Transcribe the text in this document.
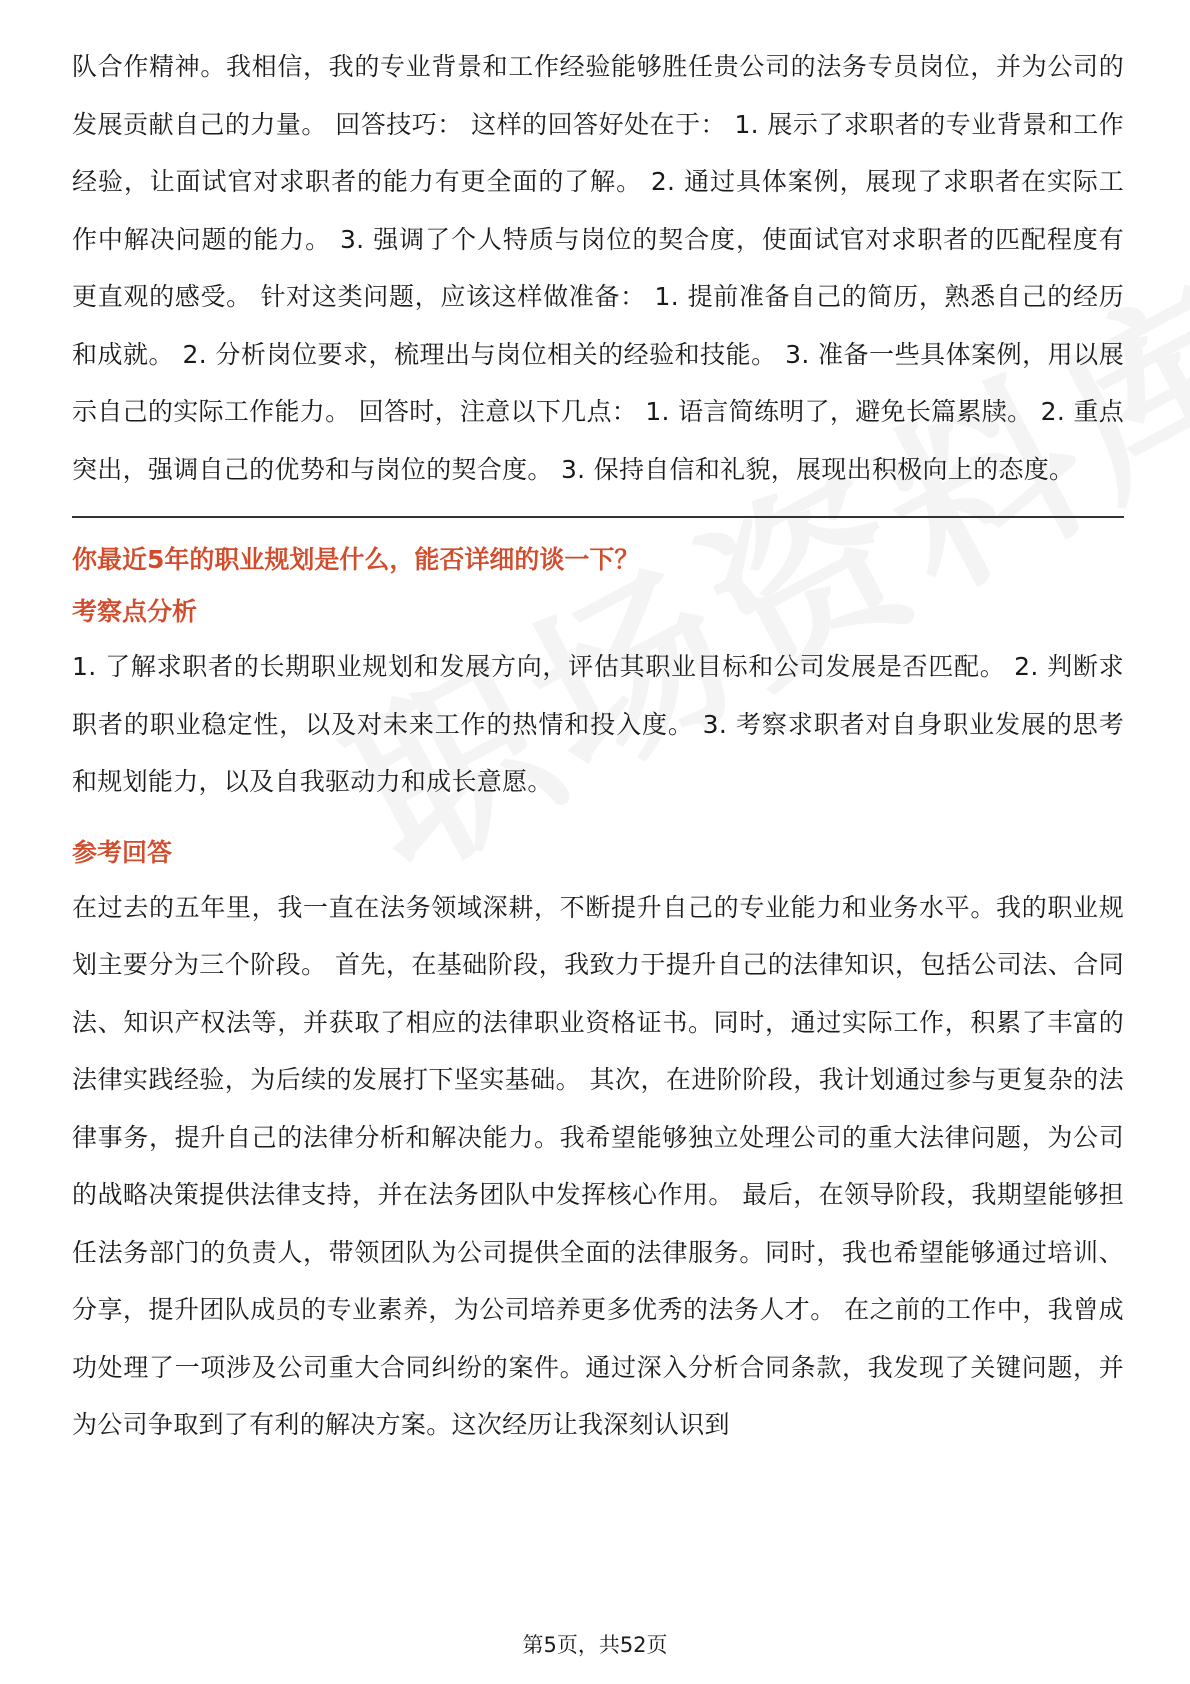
队合作精神。我相信，我的专业背景和工作经验能够胜任贵公司的法务专员岗位，并为公司的发展贡献自己的力量。 回答技巧： 这样的回答好处在于： 1. 展示了求职者的专业背景和工作经验，让面试官对求职者的能力有更全面的了解。 2. 通过具体案例，展现了求职者在实际工作中解决问题的能力。 3. 强调了个人特质与岗位的契合度，使面试官对求职者的匹配程度有更直观的感受。 针对这类问题，应该这样做准备： 1. 提前准备自己的简历，熟悉自己的经历和成就。 2. 分析岗位要求，梳理出与岗位相关的经验和技能。 3. 准备一些具体案例，用以展示自己的实际工作能力。 回答时，注意以下几点： 1. 语言简练明了，避免长篇累牍。 2. 重点突出，强调自己的优势和与岗位的契合度。 3. 保持自信和礼貌，展现出积极向上的态度。

你最近5年的职业规划是什么，能否详细的谈一下？
考察点分析

1. 了解求职者的长期职业规划和发展方向，评估其职业目标和公司发展是否匹配。 2. 判断求职者的职业稳定性，以及对未来工作的热情和投入度。 3. 考察求职者对自身职业发展的思考和规划能力，以及自我驱动力和成长意愿。

参考回答

在过去的五年里，我一直在法务领域深耕，不断提升自己的专业能力和业务水平。我的职业规划主要分为三个阶段。 首先，在基础阶段，我致力于提升自己的法律知识，包括公司法、合同法、知识产权法等，并获取了相应的法律职业资格证书。同时，通过实际工作，积累了丰富的法律实践经验，为后续的发展打下坚实基础。 其次，在进阶阶段，我计划通过参与更复杂的法律事务，提升自己的法律分析和解决能力。我希望能够独立处理公司的重大法律问题，为公司的战略决策提供法律支持，并在法务团队中发挥核心作用。 最后，在领导阶段，我期望能够担任法务部门的负责人，带领团队为公司提供全面的法律服务。同时，我也希望能够通过培训、分享，提升团队成员的专业素养，为公司培养更多优秀的法务人才。 在之前的工作中，我曾成功处理了一项涉及公司重大合同纠纷的案件。通过深入分析合同条款，我发现了关键问题，并为公司争取到了有利的解决方案。这次经历让我深刻认识到

第5页，共52页
